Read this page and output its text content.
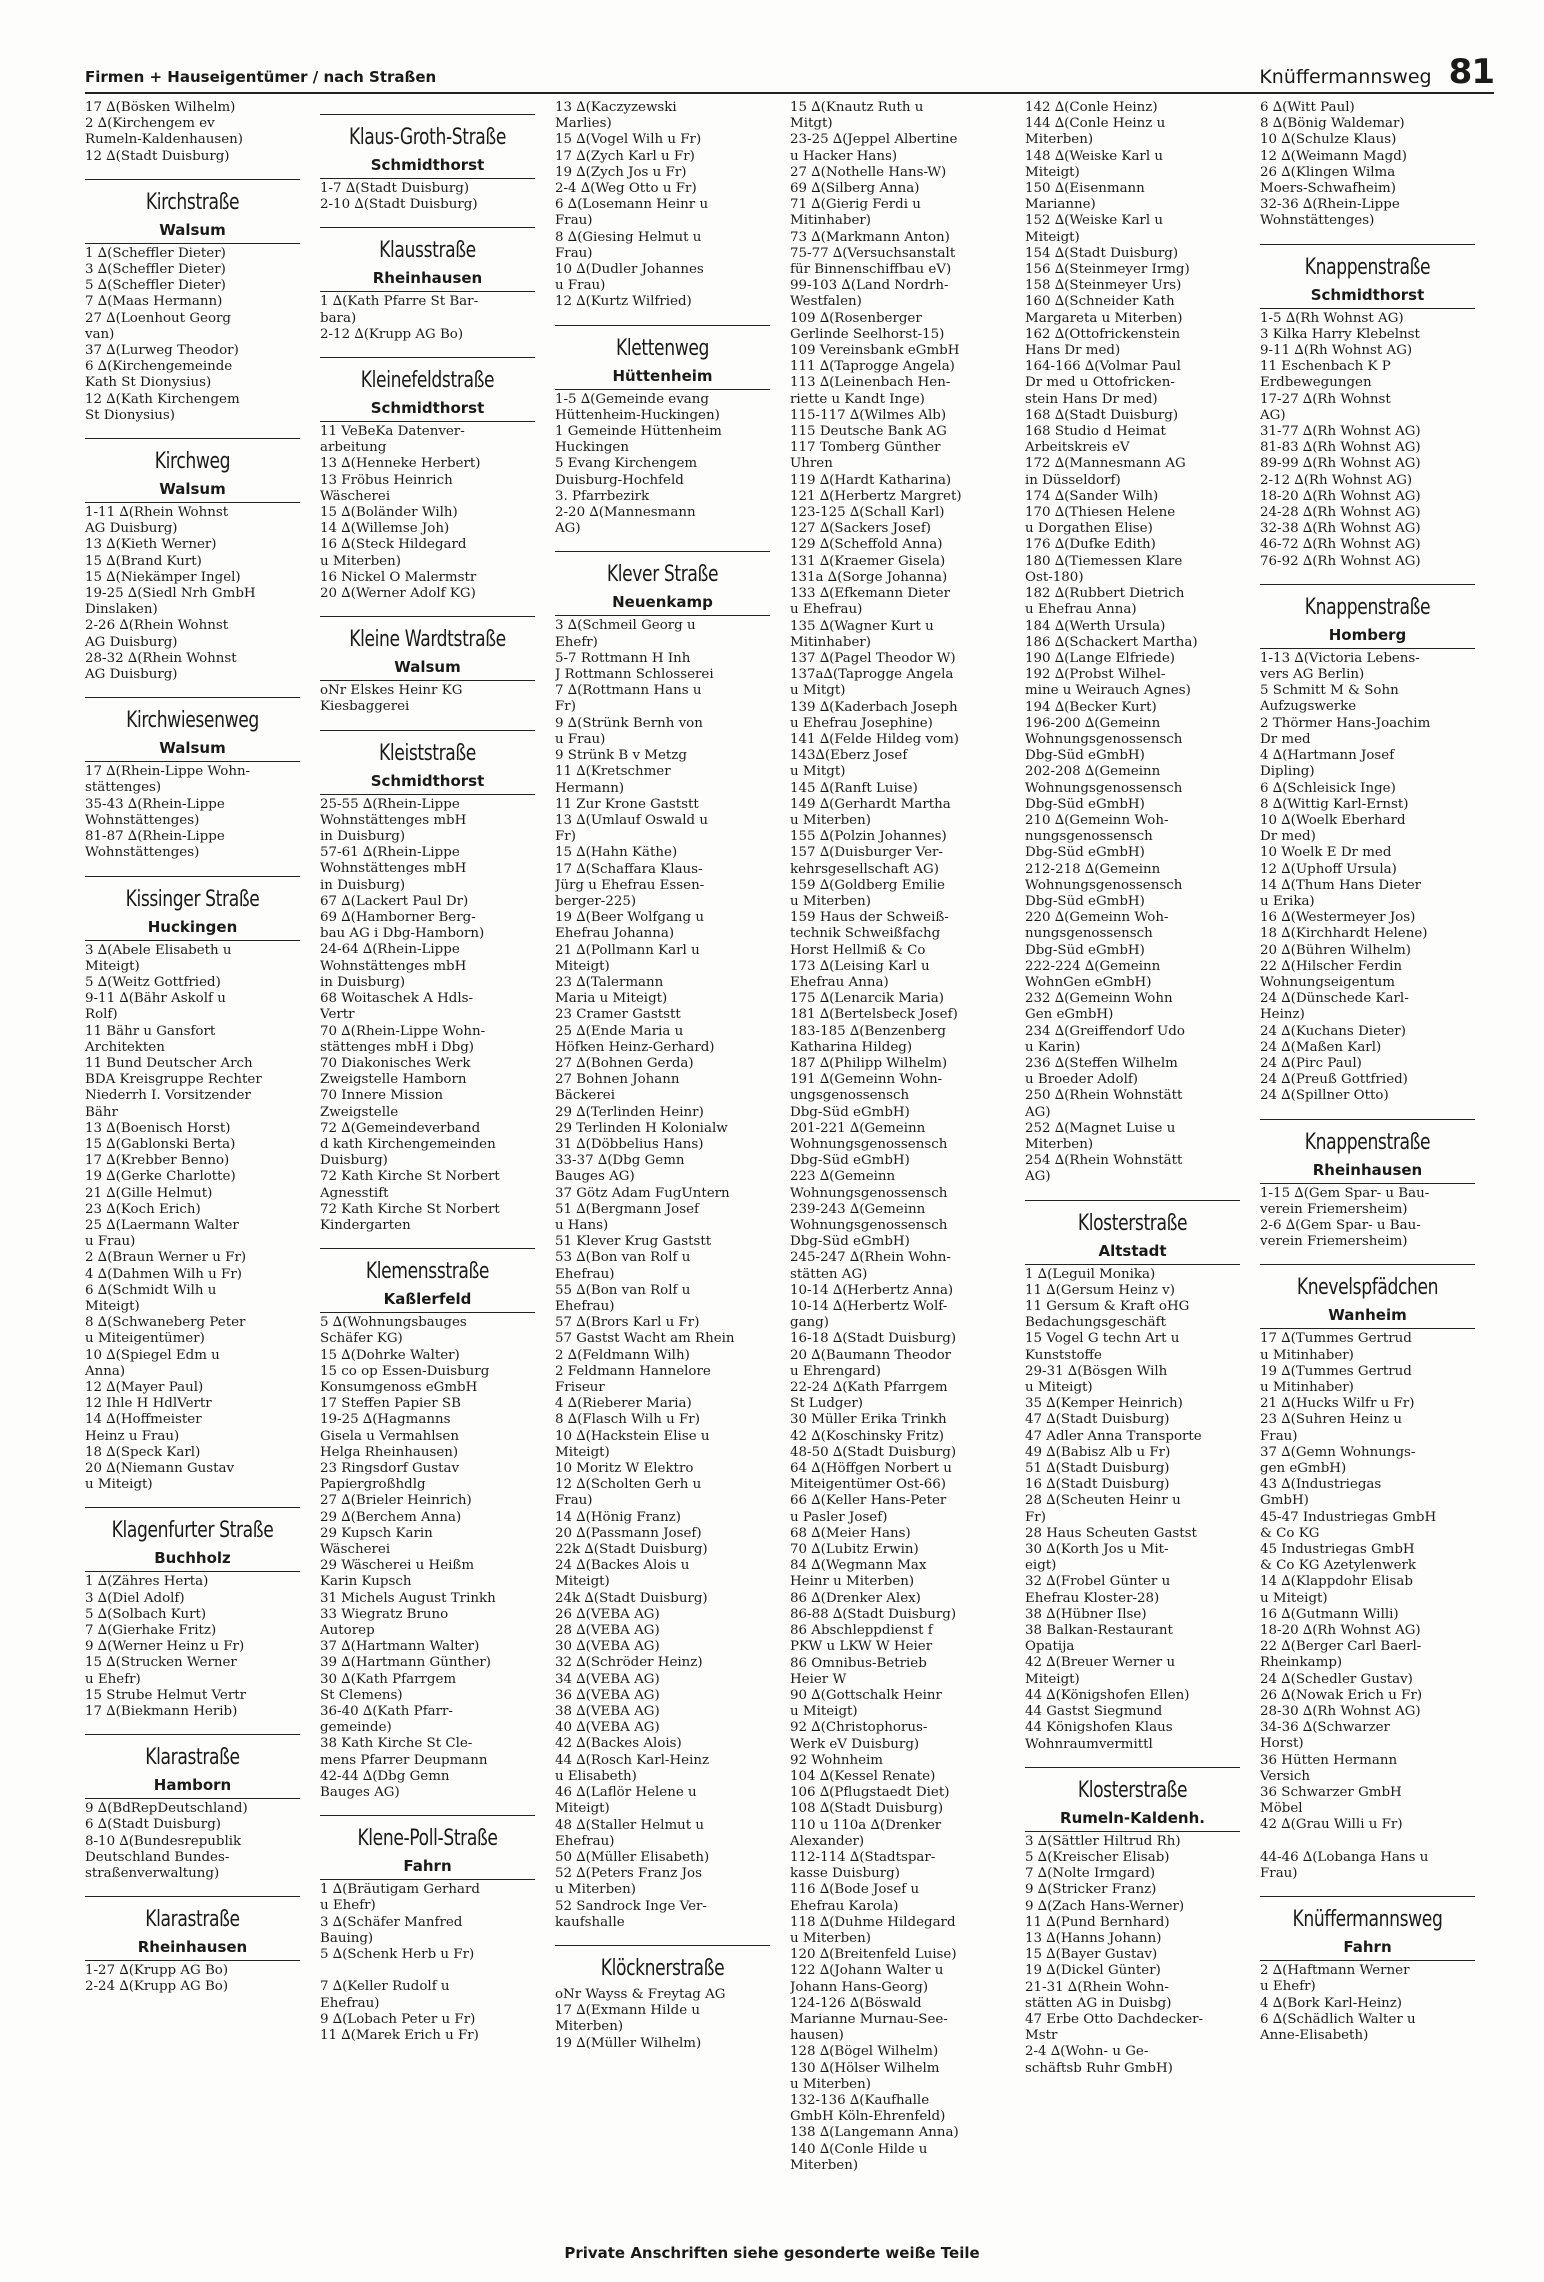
Firmen + Hauseigentümer / nach Straßen	Knüffermannsweg 81
17 ∆(Bösken Wilhelm)
2 ∆(Kirchengem ev
Rumeln-Kaldenhausen)
12 ∆(Stadt Duisburg)
Kirchstraße
Walsum
1 ∆(Scheffler Dieter)
3 ∆(Scheffler Dieter)
5 ∆(Scheffler Dieter)
7 ∆(Maas Hermann)
27 ∆(Loenhout Georg
van)
37 ∆(Lurweg Theodor)
6 ∆(Kirchengemeinde
Kath St Dionysius)
12 ∆(Kath Kirchengem
St Dionysius)
Kirchweg
Walsum
1-11 ∆(Rhein Wohnst
AG Duisburg)
13 ∆(Kieth Werner)
15 ∆(Brand Kurt)
15 ∆(Niekämper Ingel)
19-25 ∆(Siedl Nrh GmbH
Dinslaken)
2-26 ∆(Rhein Wohnst
AG Duisburg)
28-32 ∆(Rhein Wohnst
AG Duisburg)
Kirchwiesenweg
Walsum
17 ∆(Rhein-Lippe Wohn-
stättenges)
35-43 ∆(Rhein-Lippe
Wohnstättenges)
81-87 ∆(Rhein-Lippe
Wohnstättenges)
Kissinger Straße
Huckingen
3 ∆(Abele Elisabeth u
Miteigt)
5 ∆(Weitz Gottfried)
9-11 ∆(Bähr Askolf u
Rolf)
11 Bähr u Gansfort
Architekten
11 Bund Deutscher Arch
BDA Kreisgruppe Rechter
Niederrh I. Vorsitzender
Bähr
13 ∆(Boenisch Horst)
15 ∆(Gablonski Berta)
17 ∆(Krebber Benno)
19 ∆(Gerke Charlotte)
21 ∆(Gille Helmut)
23 ∆(Koch Erich)
25 ∆(Laermann Walter
u Frau)
2 ∆(Braun Werner u Fr)
4 ∆(Dahmen Wilh u Fr)
6 ∆(Schmidt Wilh u
Miteigt)
8 ∆(Schwaneberg Peter
u Miteigentümer)
10 ∆(Spiegel Edm u
Anna)
12 ∆(Mayer Paul)
12 Ihle H HdlVertr
14 ∆(Hoffmeister
Heinz u Frau)
18 ∆(Speck Karl)
20 ∆(Niemann Gustav
u Miteigt)
Klagenfurter Straße
Buchholz
1 ∆(Zähres Herta)
3 ∆(Diel Adolf)
5 ∆(Solbach Kurt)
7 ∆(Gierhake Fritz)
9 ∆(Werner Heinz u Fr)
15 ∆(Strucken Werner
u Ehefr)
15 Strube Helmut Vertr
17 ∆(Biekmann Herib)
Klarastraße
Hamborn
9 ∆(BdRepDeutschland)
6 ∆(Stadt Duisburg)
8-10 ∆(Bundesrepublik
Deutschland Bundes-
straßenverwaltung)
Klarastraße
Rheinhausen
1-27 ∆(Krupp AG Bo)
2-24 ∆(Krupp AG Bo)
Klaus-Groth-Straße
Schmidthorst
1-7 ∆(Stadt Duisburg)
2-10 ∆(Stadt Duisburg)
Klausstraße
Rheinhausen
1 ∆(Kath Pfarre St Bar-
bara)
2-12 ∆(Krupp AG Bo)
Kleinefeldstraße
Schmidthorst
11 VeBeKa Datenver-
arbeitung
13 ∆(Henneke Herbert)
13 Fröbus Heinrich
Wäscherei
15 ∆(Boländer Wilh)
14 ∆(Willemse Joh)
16 ∆(Steck Hildegard
u Miterben)
16 Nickel O Malermstr
20 ∆(Werner Adolf KG)
Kleine Wardtstraße
Walsum
oNr Elskes Heinr KG
Kiesbaggerei
Kleiststraße
Schmidthorst
25-55 ∆(Rhein-Lippe
Wohnstättenges mbH
in Duisburg)
57-61 ∆(Rhein-Lippe
Wohnstättenges mbH
in Duisburg)
67 ∆(Lackert Paul Dr)
69 ∆(Hamborner Berg-
bau AG i Dbg-Hamborn)
24-64 ∆(Rhein-Lippe
Wohnstättenges mbH
in Duisburg)
68 Woitaschek A Hdls-
Vertr
70 ∆(Rhein-Lippe Wohn-
stättenges mbH i Dbg)
70 Diakonisches Werk
Zweigstelle Hamborn
70 Innere Mission
Zweigstelle
72 ∆(Gemeindeverband
d kath Kirchengemeinden
Duisburg)
72 Kath Kirche St Norbert
Agnesstift
72 Kath Kirche St Norbert
Kindergarten
Klemensstraße
Kaßlerfeld
5 ∆(Wohnungsbauges
Schäfer KG)
15 ∆(Dohrke Walter)
15 co op Essen-Duisburg
Konsumgenoss eGmbH
17 Steffen Papier SB
19-25 ∆(Hagmanns
Gisela u Vermahlsen
Helga Rheinhausen)
23 Ringsdorf Gustav
Papiergroßhdlg
27 ∆(Brieler Heinrich)
29 ∆(Berchem Anna)
29 Kupsch Karin
Wäscherei
29 Wäscherei u Heißm
Karin Kupsch
31 Michels August Trinkh
33 Wiegratz Bruno
Autorep
37 ∆(Hartmann Walter)
39 ∆(Hartmann Günther)
30 ∆(Kath Pfarrgem
St Clemens)
36-40 ∆(Kath Pfarr-
gemeinde)
38 Kath Kirche St Cle-
mens Pfarrer Deupmann
42-44 ∆(Dbg Gemn
Bauges AG)
Klene-Poll-Straße
Fahrn
1 ∆(Bräutigam Gerhard
u Ehefr)
3 ∆(Schäfer Manfred
Bauing)
5 ∆(Schenk Herb u Fr)

7 ∆(Keller Rudolf u
Ehefrau)
9 ∆(Lobach Peter u Fr)
11 ∆(Marek Erich u Fr)
13 ∆(Kaczyzewski
Marlies)
15 ∆(Vogel Wilh u Fr)
17 ∆(Zych Karl u Fr)
19 ∆(Zych Jos u Fr)
2-4 ∆(Weg Otto u Fr)
6 ∆(Losemann Heinr u
Frau)
8 ∆(Giesing Helmut u
Frau)
10 ∆(Dudler Johannes
u Frau)
12 ∆(Kurtz Wilfried)
Klettenweg
Hüttenheim
1-5 ∆(Gemeinde evang
Hüttenheim-Huckingen)
1 Gemeinde Hüttenheim
Huckingen
5 Evang Kirchengem
Duisburg-Hochfeld
3. Pfarrbezirk
2-20 ∆(Mannesmann
AG)
Klever Straße
Neuenkamp
3 ∆(Schmeil Georg u
Ehefr)
5-7 Rottmann H Inh
J Rottmann Schlosserei
7 ∆(Rottmann Hans u
Fr)
9 ∆(Strünk Bernh von
u Frau)
9 Strünk B v Metzg
11 ∆(Kretschmer
Hermann)
11 Zur Krone Gaststt
13 ∆(Umlauf Oswald u
Fr)
15 ∆(Hahn Käthe)
17 ∆(Schaffara Klaus-
Jürg u Ehefrau Essen-
berger-225)
19 ∆(Beer Wolfgang u
Ehefrau Johanna)
21 ∆(Pollmann Karl u
Miteigt)
23 ∆(Talermann
Maria u Miteigt)
23 Cramer Gaststt
25 ∆(Ende Maria u
Höfken Heinz-Gerhard)
27 ∆(Bohnen Gerda)
27 Bohnen Johann
Bäckerei
29 ∆(Terlinden Heinr)
29 Terlinden H Kolonialw
31 ∆(Döbbelius Hans)
33-37 ∆(Dbg Gemn
Bauges AG)
37 Götz Adam FugUntern
51 ∆(Bergmann Josef
u Hans)
51 Klever Krug Gaststt
53 ∆(Bon van Rolf u
Ehefrau)
55 ∆(Bon van Rolf u
Ehefrau)
57 ∆(Brors Karl u Fr)
57 Gastst Wacht am Rhein
2 ∆(Feldmann Wilh)
2 Feldmann Hannelore
Friseur
4 ∆(Rieberer Maria)
8 ∆(Flasch Wilh u Fr)
10 ∆(Hackstein Elise u
Miteigt)
10 Moritz W Elektro
12 ∆(Scholten Gerh u
Frau)
14 ∆(Hönig Franz)
20 ∆(Passmann Josef)
22k ∆(Stadt Duisburg)
24 ∆(Backes Alois u
Miteigt)
24k ∆(Stadt Duisburg)
26 ∆(VEBA AG)
28 ∆(VEBA AG)
30 ∆(VEBA AG)
32 ∆(Schröder Heinz)
34 ∆(VEBA AG)
36 ∆(VEBA AG)
38 ∆(VEBA AG)
40 ∆(VEBA AG)
42 ∆(Backes Alois)
44 ∆(Rosch Karl-Heinz
u Elisabeth)
46 ∆(Laflör Helene u
Miteigt)
48 ∆(Staller Helmut u
Ehefrau)
50 ∆(Müller Elisabeth)
52 ∆(Peters Franz Jos
u Miterben)
52 Sandrock Inge Ver-
kaufshalle
Klöcknerstraße
oNr Wayss & Freytag AG
17 ∆(Exmann Hilde u
Miterben)
19 ∆(Müller Wilhelm)
15 ∆(Knautz Ruth u
Mitgt)
23-25 ∆(Jeppel Albertine
u Hacker Hans)
27 ∆(Nothelle Hans-W)
69 ∆(Silberg Anna)
71 ∆(Gierig Ferdi u
Mitinhaber)
73 ∆(Markmann Anton)
75-77 ∆(Versuchsanstalt
für Binnenschiffbau eV)
99-103 ∆(Land Nordrh-
Westfalen)
109 ∆(Rosenberger
Gerlinde Seelhorst-15)
109 Vereinsbank eGmbH
111 ∆(Taprogge Angela)
113 ∆(Leinenbach Hen-
riette u Kandt Inge)
115-117 ∆(Wilmes Alb)
115 Deutsche Bank AG
117 Tomberg Günther
Uhren
119 ∆(Hardt Katharina)
121 ∆(Herbertz Margret)
123-125 ∆(Schall Karl)
127 ∆(Sackers Josef)
129 ∆(Scheffold Anna)
131 ∆(Kraemer Gisela)
131a ∆(Sorge Johanna)
133 ∆(Efkemann Dieter
u Ehefrau)
135 ∆(Wagner Kurt u
Mitinhaber)
137 ∆(Pagel Theodor W)
137a∆(Taprogge Angela
u Mitgt)
139 ∆(Kaderbach Joseph
u Ehefrau Josephine)
141 ∆(Felde Hildeg vom)
143∆(Eberz Josef
u Mitgt)
145 ∆(Ranft Luise)
149 ∆(Gerhardt Martha
u Miterben)
155 ∆(Polzin Johannes)
157 ∆(Duisburger Ver-
kehrsgesellschaft AG)
159 ∆(Goldberg Emilie
u Miterben)
159 Haus der Schweiß-
technik Schweißfachg
Horst Hellmiß & Co
173 ∆(Leising Karl u
Ehefrau Anna)
175 ∆(Lenarcik Maria)
181 ∆(Bertelsbeck Josef)
183-185 ∆(Benzenberg
Katharina Hildeg)
187 ∆(Philipp Wilhelm)
191 ∆(Gemeinn Wohn-
ungsgenossensch
Dbg-Süd eGmbH)
201-221 ∆(Gemeinn
Wohnungsgenossensch
Dbg-Süd eGmbH)
223 ∆(Gemeinn
Wohnungsgenossensch
239-243 ∆(Gemeinn
Wohnungsgenossensch
Dbg-Süd eGmbH)
245-247 ∆(Rhein Wohn-
stätten AG)
10-14 ∆(Herbertz Anna)
10-14 ∆(Herbertz Wolf-
gang)
16-18 ∆(Stadt Duisburg)
20 ∆(Baumann Theodor
u Ehrengard)
22-24 ∆(Kath Pfarrgem
St Ludger)
30 Müller Erika Trinkh
42 ∆(Koschinsky Fritz)
48-50 ∆(Stadt Duisburg)
64 ∆(Höffgen Norbert u
Miteigentümer Ost-66)
66 ∆(Keller Hans-Peter
u Pasler Josef)
68 ∆(Meier Hans)
70 ∆(Lubitz Erwin)
84 ∆(Wegmann Max
Heinr u Miterben)
86 ∆(Drenker Alex)
86-88 ∆(Stadt Duisburg)
86 Abschleppdienst f
PKW u LKW W Heier
86 Omnibus-Betrieb
Heier W
90 ∆(Gottschalk Heinr
u Miteigt)
92 ∆(Christophorus-
Werk eV Duisburg)
92 Wohnheim
104 ∆(Kessel Renate)
106 ∆(Pflugstaedt Diet)
108 ∆(Stadt Duisburg)
110 u 110a ∆(Drenker
Alexander)
112-114 ∆(Stadtspar-
kasse Duisburg)
116 ∆(Bode Josef u
Ehefrau Karola)
118 ∆(Duhme Hildegard
u Miterben)
120 ∆(Breitenfeld Luise)
122 ∆(Johann Walter u
Johann Hans-Georg)
124-126 ∆(Böswald
Marianne Murnau-See-
hausen)
128 ∆(Bögel Wilhelm)
130 ∆(Hölser Wilhelm
u Miterben)
132-136 ∆(Kaufhalle
GmbH Köln-Ehrenfeld)
138 ∆(Langemann Anna)
140 ∆(Conle Hilde u
Miterben)
142 ∆(Conle Heinz)
144 ∆(Conle Heinz u
Miterben)
148 ∆(Weiske Karl u
Miteigt)
150 ∆(Eisenmann
Marianne)
152 ∆(Weiske Karl u
Miteigt)
154 ∆(Stadt Duisburg)
156 ∆(Steinmeyer Irmg)
158 ∆(Steinmeyer Urs)
160 ∆(Schneider Kath
Margareta u Miterben)
162 ∆(Ottofrickenstein
Hans Dr med)
164-166 ∆(Volmar Paul
Dr med u Ottofricken-
stein Hans Dr med)
168 ∆(Stadt Duisburg)
168 Studio d Heimat
Arbeitskreis eV
172 ∆(Mannesmann AG
in Düsseldorf)
174 ∆(Sander Wilh)
170 ∆(Thiesen Helene
u Dorgathen Elise)
176 ∆(Dufke Edith)
180 ∆(Tiemessen Klare
Ost-180)
182 ∆(Rubbert Dietrich
u Ehefrau Anna)
184 ∆(Werth Ursula)
186 ∆(Schackert Martha)
190 ∆(Lange Elfriede)
192 ∆(Probst Wilhel-
mine u Weirauch Agnes)
194 ∆(Becker Kurt)
196-200 ∆(Gemeinn
Wohnungsgenossensch
Dbg-Süd eGmbH)
202-208 ∆(Gemeinn
Wohnungsgenossensch
Dbg-Süd eGmbH)
210 ∆(Gemeinn Woh-
nungsgenossensch
Dbg-Süd eGmbH)
212-218 ∆(Gemeinn
Wohnungsgenossensch
Dbg-Süd eGmbH)
220 ∆(Gemeinn Woh-
nungsgenossensch
Dbg-Süd eGmbH)
222-224 ∆(Gemeinn
WohnGen eGmbH)
232 ∆(Gemeinn Wohn
Gen eGmbH)
234 ∆(Greiffendorf Udo
u Karin)
236 ∆(Steffen Wilhelm
u Broeder Adolf)
250 ∆(Rhein Wohnstätt
AG)
252 ∆(Magnet Luise u
Miterben)
254 ∆(Rhein Wohnstätt
AG)
Klosterstraße
Altstadt
1 ∆(Leguil Monika)
11 ∆(Gersum Heinz v)
11 Gersum & Kraft oHG
Bedachungsgeschäft
15 Vogel G techn Art u
Kunststoffe
29-31 ∆(Bösgen Wilh
u Miteigt)
35 ∆(Kemper Heinrich)
47 ∆(Stadt Duisburg)
47 Adler Anna Transporte
49 ∆(Babisz Alb u Fr)
51 ∆(Stadt Duisburg)
16 ∆(Stadt Duisburg)
28 ∆(Scheuten Heinr u
Fr)
28 Haus Scheuten Gastst
30 ∆(Korth Jos u Mit-
eigt)
32 ∆(Frobel Günter u
Ehefrau Kloster-28)
38 ∆(Hübner Ilse)
38 Balkan-Restaurant
Opatija
42 ∆(Breuer Werner u
Miteigt)
44 ∆(Königshofen Ellen)
44 Gastst Siegmund
44 Königshofen Klaus
Wohnraumvermittl
Klosterstraße
Rumeln-Kaldenh.
3 ∆(Sättler Hiltrud Rh)
5 ∆(Kreischer Elisab)
7 ∆(Nolte Irmgard)
9 ∆(Stricker Franz)
9 ∆(Zach Hans-Werner)
11 ∆(Pund Bernhard)
13 ∆(Hanns Johann)
15 ∆(Bayer Gustav)
19 ∆(Dickel Günter)
21-31 ∆(Rhein Wohn-
stätten AG in Duisbg)
47 Erbe Otto Dachdecker-
Mstr
2-4 ∆(Wohn- u Ge-
schäftsb Ruhr GmbH)
6 ∆(Witt Paul)
8 ∆(Bönig Waldemar)
10 ∆(Schulze Klaus)
12 ∆(Weimann Magd)
26 ∆(Klingen Wilma
Moers-Schwafheim)
32-36 ∆(Rhein-Lippe
Wohnstättenges)
Knappenstraße
Schmidthorst
1-5 ∆(Rh Wohnst AG)
3 Kilka Harry Klebelnst
9-11 ∆(Rh Wohnst AG)
11 Eschenbach K P
Erdbewegungen
17-27 ∆(Rh Wohnst
AG)
31-77 ∆(Rh Wohnst AG)
81-83 ∆(Rh Wohnst AG)
89-99 ∆(Rh Wohnst AG)
2-12 ∆(Rh Wohnst AG)
18-20 ∆(Rh Wohnst AG)
24-28 ∆(Rh Wohnst AG)
32-38 ∆(Rh Wohnst AG)
46-72 ∆(Rh Wohnst AG)
76-92 ∆(Rh Wohnst AG)
Knappenstraße
Homberg
1-13 ∆(Victoria Lebens-
vers AG Berlin)
5 Schmitt M & Sohn
Aufzugswerke
2 Thörmer Hans-Joachim
Dr med
4 ∆(Hartmann Josef
Dipling)
6 ∆(Schleisick Inge)
8 ∆(Wittig Karl-Ernst)
10 ∆(Woelk Eberhard
Dr med)
10 Woelk E Dr med
12 ∆(Uphoff Ursula)
14 ∆(Thum Hans Dieter
u Erika)
16 ∆(Westermeyer Jos)
18 ∆(Kirchhardt Helene)
20 ∆(Bühren Wilhelm)
22 ∆(Hilscher Ferdin
Wohnungseigentum
24 ∆(Dünschede Karl-
Heinz)
24 ∆(Kuchans Dieter)
24 ∆(Maßen Karl)
24 ∆(Pirc Paul)
24 ∆(Preuß Gottfried)
24 ∆(Spillner Otto)
Knappenstraße
Rheinhausen
1-15 ∆(Gem Spar- u Bau-
verein Friemersheim)
2-6 ∆(Gem Spar- u Bau-
verein Friemersheim)
Knevelspfädchen
Wanheim
17 ∆(Tummes Gertrud
u Mitinhaber)
19 ∆(Tummes Gertrud
u Mitinhaber)
21 ∆(Hucks Wilfr u Fr)
23 ∆(Suhren Heinz u
Frau)
37 ∆(Gemn Wohnungs-
gen eGmbH)
43 ∆(Industriegas
GmbH)
45-47 Industriegas GmbH
& Co KG
45 Industriegas GmbH
& Co KG Azetylenwerk
14 ∆(Klappdohr Elisab
u Miteigt)
16 ∆(Gutmann Willi)
18-20 ∆(Rh Wohnst AG)
22 ∆(Berger Carl Baerl-
Rheinkamp)
24 ∆(Schedler Gustav)
26 ∆(Nowak Erich u Fr)
28-30 ∆(Rh Wohnst AG)
34-36 ∆(Schwarzer
Horst)
36 Hütten Hermann
Versich
36 Schwarzer GmbH
Möbel
42 ∆(Grau Willi u Fr)

44-46 ∆(Lobanga Hans u
Frau)
Knüffermannsweg
Fahrn
2 ∆(Haftmann Werner
u Ehefr)
4 ∆(Bork Karl-Heinz)
6 ∆(Schädlich Walter u
Anne-Elisabeth)
Private Anschriften siehe gesonderte weiße Teile
